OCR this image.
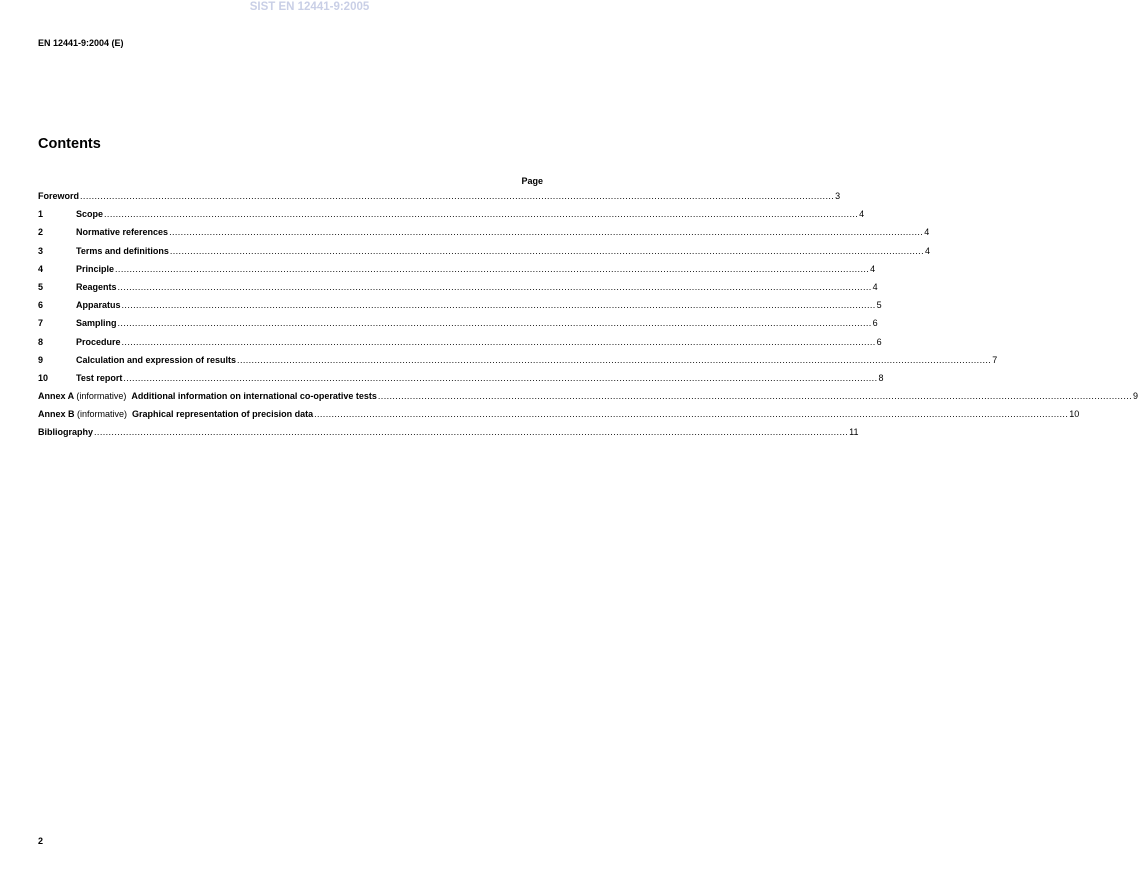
SIST EN 12441-9:2005
EN 12441-9:2004 (E)
Contents
Page
Foreword .................................................................................................................................................................................................................................................................... 3
1	Scope .................................................................................................................................................................................................................................................................... 4
2	Normative references .................................................................................................................................................................................................................................................................... 4
3	Terms and definitions .................................................................................................................................................................................................................................................................... 4
4	Principle .................................................................................................................................................................................................................................................................... 4
5	Reagents .................................................................................................................................................................................................................................................................... 4
6	Apparatus .................................................................................................................................................................................................................................................................... 5
7	Sampling .................................................................................................................................................................................................................................................................... 6
8	Procedure .................................................................................................................................................................................................................................................................... 6
9	Calculation and expression of results .................................................................................................................................................................................................................................................................... 7
10	Test report .................................................................................................................................................................................................................................................................... 8
Annex A (informative) Additional information on international co-operative tests .................................................................................................................................................................................................................................................................... 9
Annex B (informative) Graphical representation of precision data .................................................................................................................................................................................................................................................................... 10
Bibliography .................................................................................................................................................................................................................................................................... 11
2
